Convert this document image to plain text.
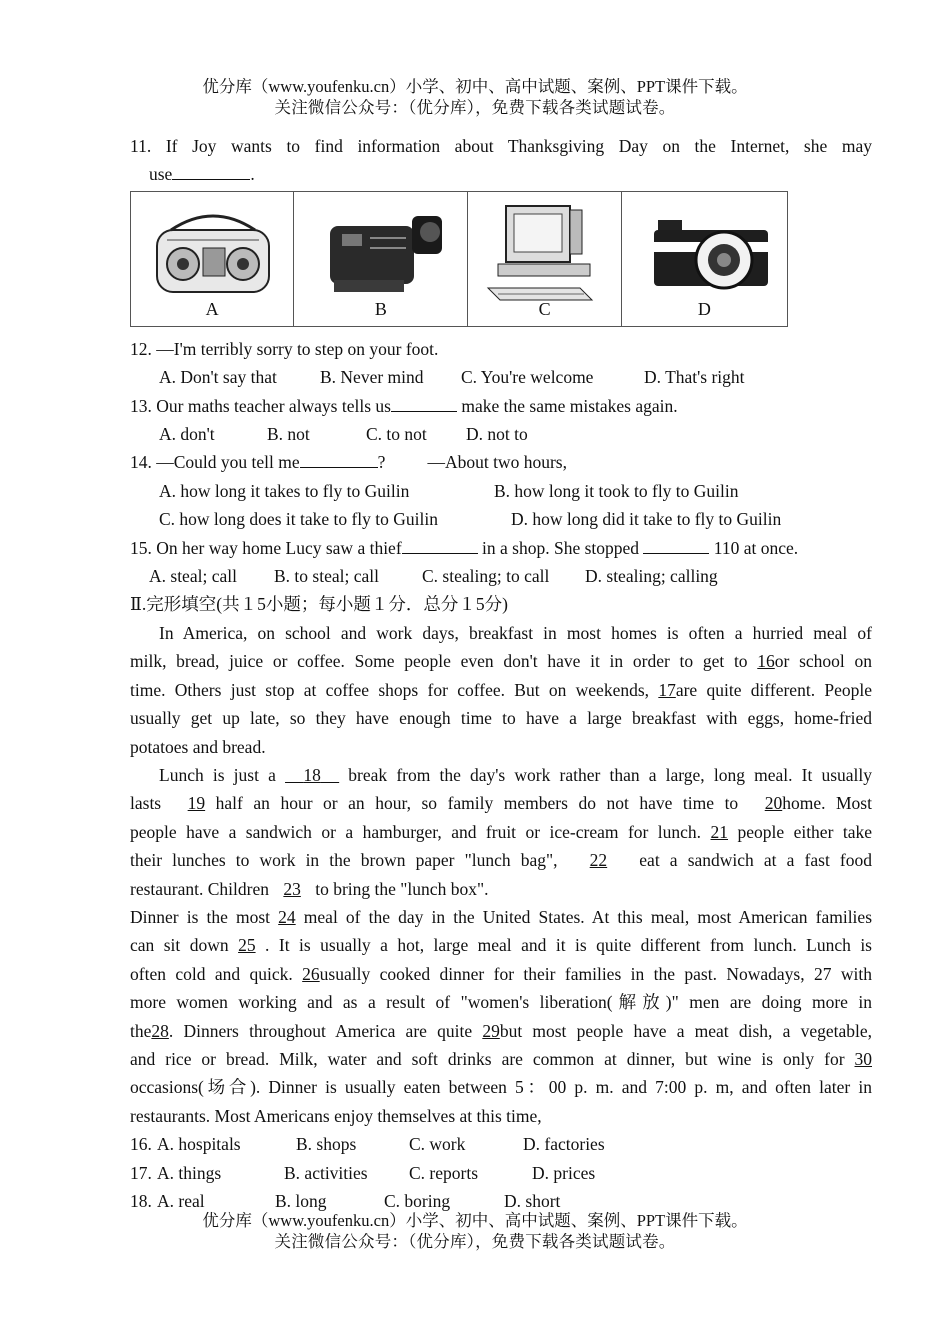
优分库（www.youfenku.cn）小学、初中、高中试题、案例、PPT课件下载。
关注微信公众号：（优分库），免费下载各类试题试卷。

11. If Joy wants to find information about Thanksgiving Day on the Internet, she may

use	.

A	B	C	D

12. —I'm terribly sorry to step on your foot.

A. Don't say that	B. Never mind	C. You're welcome	D. That's right

13. Our maths teacher always tells us	make the same mistakes again.

A. don't	B. not	C. to not	D. not to

14. —Could you tell me	? —About two hours,

A. how long it takes to fly to Guilin	B. how long it took to fly to Guilin
C. how long does it take to fly to Guilin	D. how long did it take to fly to Guilin

15. On her way home Lucy saw a thief	in a shop. She stopped	110 at once.

A. steal; call	B. to steal; call	C. stealing; to call	D. stealing; calling

Ⅱ.完形填空(共１5小题；每小题１分．总分１5分)

In America, on school and work days, breakfast in most homes is often a hurried meal of

milk, bread, juice or coffee. Some people even don't have it in order to get to 16or school on

time. Others just stop at coffee shops for coffee. But on weekends, 17are quite different. People

usually get up late, so they have enough time to have a large breakfast with eggs, home-fried

potatoes and bread.

Lunch is just a   18   break from the day's work rather than a large, long meal. It usually

lasts 19 half an hour or an hour, so family members do not have time to 20home. Most

people have a sandwich or a hamburger, and fruit or ice-cream for lunch. 21 people either take

their lunches to work in the brown paper "lunch bag", 22 eat a sandwich at a fast food

restaurant. Children 23 to bring the "lunch box".

Dinner is the most 24 meal of the day in the United States. At this meal, most American families

can sit down 25 . It is usually a hot, large meal and it is quite different from lunch. Lunch is

often cold and quick. 26usually cooked dinner for their families in the past. Nowadays, 27 with

more women working and as a result of "women's liberation(解放)" men are doing more in

the28. Dinners throughout America are quite 29but most people have a meat dish, a vegetable,

and rice or bread. Milk, water and soft drinks are common at dinner, but wine is only for 30

occasions(场合). Dinner is usually eaten between 5：00 p. m. and 7:00 p. m, and often later in

restaurants. Most Americans enjoy themselves at this time,

16. A. hospitals	B. shops	C. work	D. factories
17. A. things	B. activities	C. reports	D. prices
18. A. real	B. long	C. boring	D. short
优分库（www.youfenku.cn）小学、初中、高中试题、案例、PPT课件下载。
关注微信公众号：（优分库），免费下载各类试题试卷。
